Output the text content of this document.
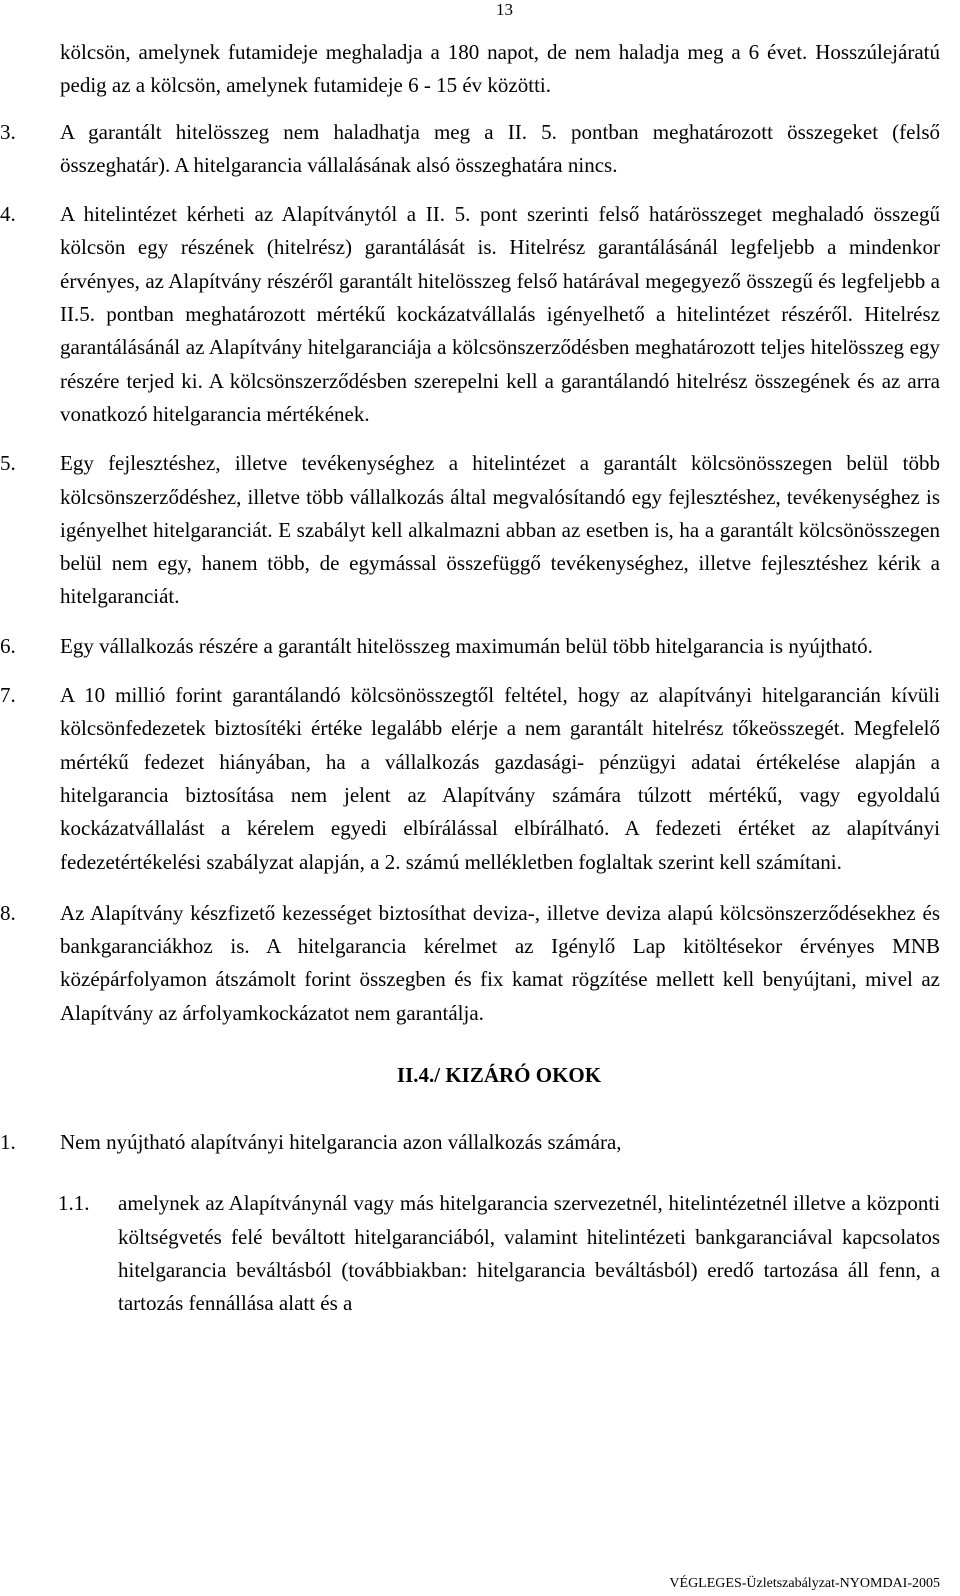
13
kölcsön, amelynek futamideje meghaladja a 180 napot, de nem haladja meg a 6 évet. Hosszúlejáratú pedig az a kölcsön, amelynek futamideje 6 - 15 év közötti.
3. A garantált hitelösszeg nem haladhatja meg a II. 5. pontban meghatározott összegeket (felső összeghatár). A hitelgarancia vállalásának alsó összeghatára nincs.
4. A hitelintézet kérheti az Alapítványtól a II. 5. pont szerinti felső határösszeget meghaladó összegű kölcsön egy részének (hitelrész) garantálását is. Hitelrész garantálásánál legfeljebb a mindenkor érvényes, az Alapítvány részéről garantált hitelösszeg felső határával megegyező összegű és legfeljebb a II.5. pontban meghatározott mértékű kockázatvállalás igényelhető a hitelintézet részéről. Hitelrész garantálásánál az Alapítvány hitelgaranciája a kölcsönszerződésben meghatározott teljes hitelösszeg egy részére terjed ki. A kölcsönszerződésben szerepelni kell a garantálandó hitelrész összegének és az arra vonatkozó hitelgarancia mértékének.
5. Egy fejlesztéshez, illetve tevékenységhez a hitelintézet a garantált kölcsönösszegen belül több kölcsönszerződéshez, illetve több vállalkozás által megvalósítandó egy fejlesztéshez, tevékenységhez is igényelhet hitelgaranciát. E szabályt kell alkalmazni abban az esetben is, ha a garantált kölcsönösszegen belül nem egy, hanem több, de egymással összefüggő tevékenységhez, illetve fejlesztéshez kérik a hitelgaranciát.
6. Egy vállalkozás részére a garantált hitelösszeg maximumán belül több hitelgarancia is nyújtható.
7. A 10 millió forint garantálandó kölcsönösszegtől feltétel, hogy az alapítványi hitelgarancián kívüli kölcsönfedezetek biztosítéki értéke legalább elérje a nem garantált hitelrész tőkeösszegét. Megfelelő mértékű fedezet hiányában, ha a vállalkozás gazdasági- pénzügyi adatai értékelése alapján a hitelgarancia biztosítása nem jelent az Alapítvány számára túlzott mértékű, vagy egyoldalú kockázatvállalást a kérelem egyedi elbírálással elbírálható. A fedezeti értéket az alapítványi fedezetértékelési szabályzat alapján, a 2. számú mellékletben foglaltak szerint kell számítani.
8. Az Alapítvány készfizető kezességet biztosíthat deviza-, illetve deviza alapú kölcsönszerződésekhez és bankgaranciákhoz is. A hitelgarancia kérelmet az Igénylő Lap kitöltésekor érvényes MNB középárfolyamon átszámolt forint összegben és fix kamat rögzítése mellett kell benyújtani, mivel az Alapítvány az árfolyamkockázatot nem garantálja.
II.4./ KIZÁRÓ OKOK
1. Nem nyújtható alapítványi hitelgarancia azon vállalkozás számára,
1.1. amelynek az Alapítványnál vagy más hitelgarancia szervezetnél, hitelintézetnél illetve a központi költségvetés felé beváltott hitelgaranciából, valamint hitelintézeti bankgaranciával kapcsolatos hitelgarancia beváltásból (továbbiakban: hitelgarancia beváltásból) eredő tartozása áll fenn, a tartozás fennállása alatt és a
VÉGLEGES-Üzletszabályzat-NYOMDAI-2005
